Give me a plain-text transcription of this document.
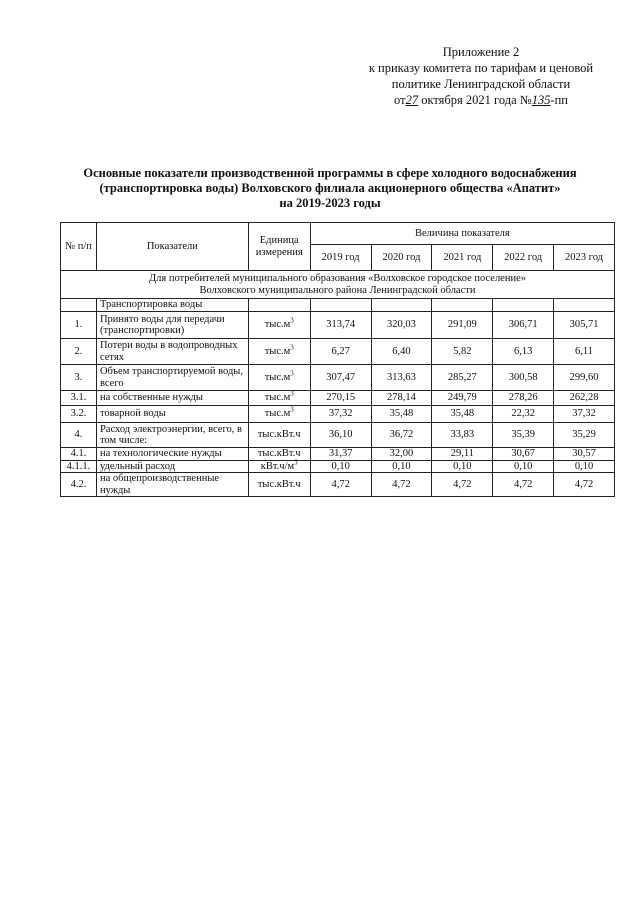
Приложение 2
к приказу комитета по тарифам и ценовой
политике Ленинградской области
от27 октября 2021 года №135-пп
Основные показатели производственной программы в сфере холодного водоснабжения
(транспортировка воды) Волховского филиала акционерного общества «Апатит»
на 2019-2023 годы
№ п/п	Показатели	Единица измерения	Величина показателя				
			2019 год	2020 год	2021 год	2022 год	2023 год

Для потребителей муниципального образования «Волховское городское поселение»
Волховского муниципального района Ленинградской области							

	Транспортировка воды						
1.	Принято воды для передачи (транспортировки)	$тыс.м^3$	313,74	320,03	291,09	306,71	305,71
2.	Потери воды в водопроводных сетях	$тыс.м^3$	6,27	6,40	5,82	6,13	6,11
3.	Объем транспортируемой воды, всего	$тыс.м^3$	307,47	313,63	285,27	300,58	299,60
3.1.	на собственные нужды	$тыс.м^3$	270,15	278,14	249,79	278,26	262,28
3.2.	товарной воды	$тыс.м^3$	37,32	35,48	35,48	22,32	37,32
4.	Расход электроэнергии, всего, в том числе:	тыс.кВт.ч	36,10	36,72	33,83	35,39	35,29
4.1.	на технологические нужды	тыс.кВт.ч	31,37	32,00	29,11	30,67	30,57
4.1.1.	удельный расход	$кВт.ч/м^3$	0,10	0,10	0,10	0,10	0,10
4.2.	на общепроизводственные нужды	тыс.кВт.ч	4,72	4,72	4,72	4,72	4,72
